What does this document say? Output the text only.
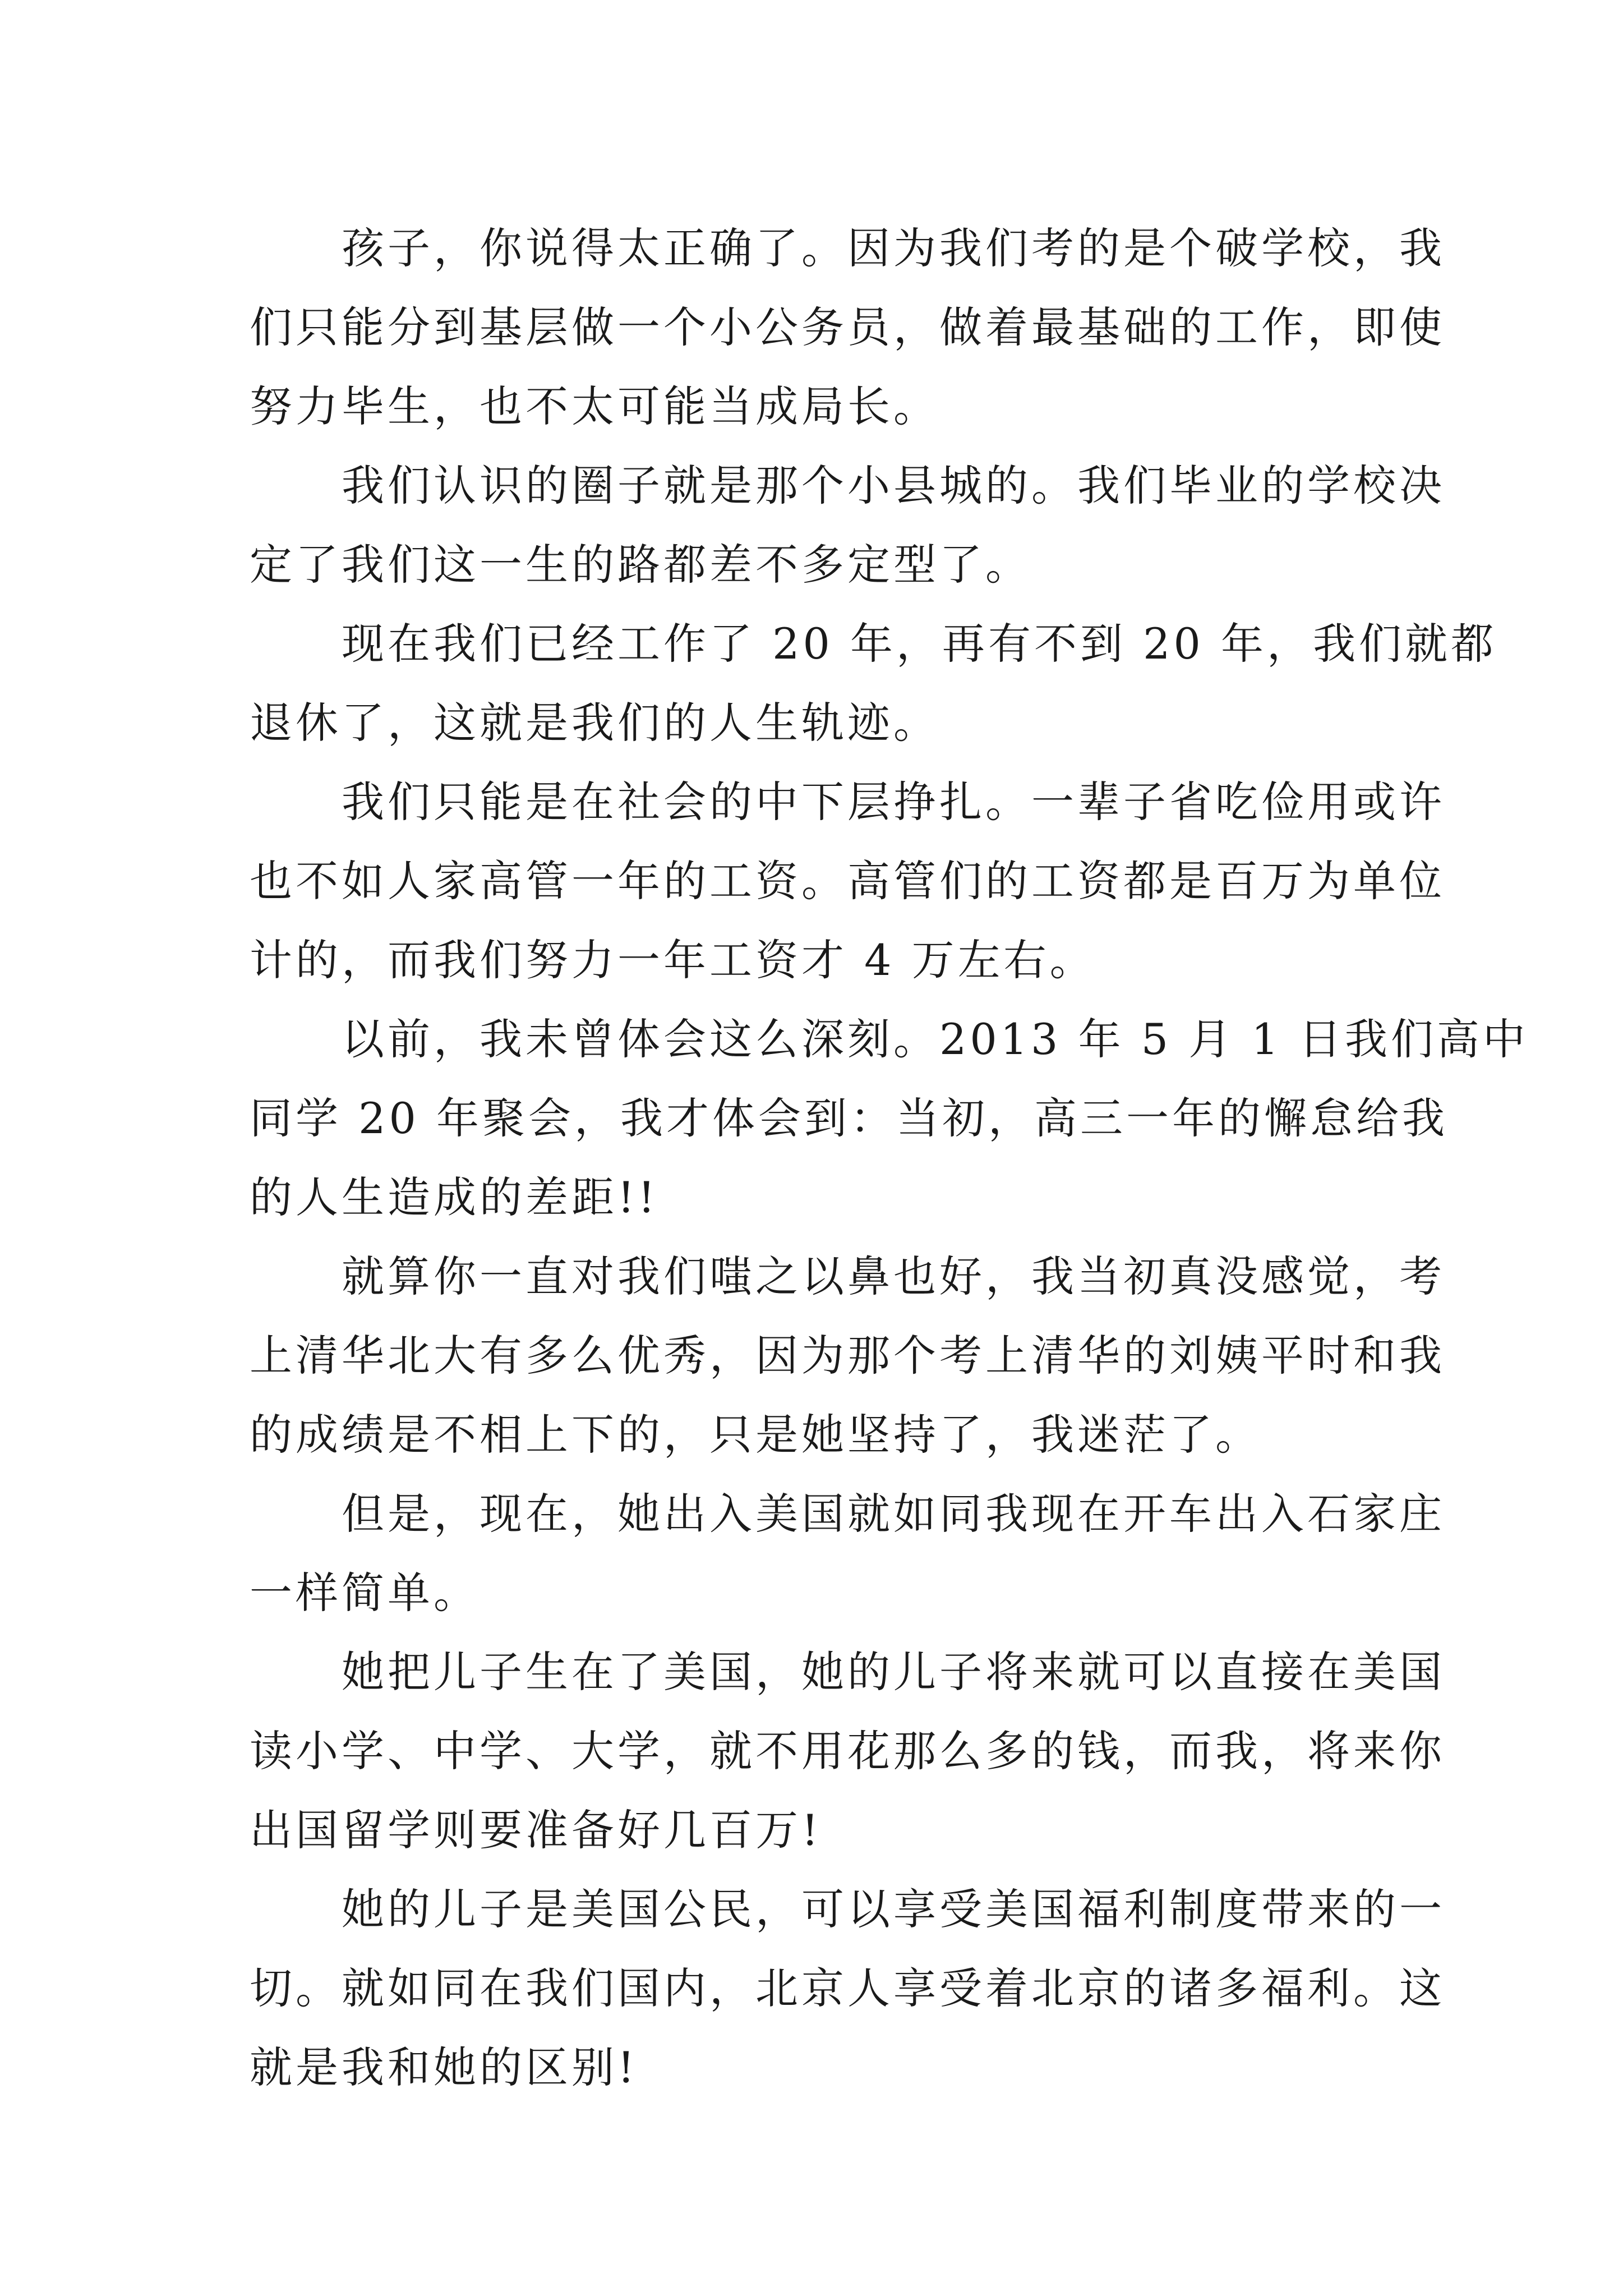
孩子，你说得太正确了。因为我们考的是个破学校，我
们只能分到基层做一个小公务员，做着最基础的工作，即使
努力毕生，也不太可能当成局长。

我们认识的圈子就是那个小县城的。我们毕业的学校决
定了我们这一生的路都差不多定型了。

现在我们已经工作了 20 年，再有不到 20 年，我们就都
退休了，这就是我们的人生轨迹。

我们只能是在社会的中下层挣扎。一辈子省吃俭用或许
也不如人家高管一年的工资。高管们的工资都是百万为单位
计的，而我们努力一年工资才 4 万左右。

以前，我未曾体会这么深刻。2013 年 5 月 1 日我们高中
同学 20 年聚会，我才体会到：当初，高三一年的懈怠给我
的人生造成的差距!!

就算你一直对我们嗤之以鼻也好，我当初真没感觉，考
上清华北大有多么优秀，因为那个考上清华的刘姨平时和我
的成绩是不相上下的，只是她坚持了，我迷茫了。

但是，现在，她出入美国就如同我现在开车出入石家庄
一样简单。

她把儿子生在了美国，她的儿子将来就可以直接在美国
读小学、中学、大学，就不用花那么多的钱，而我，将来你
出国留学则要准备好几百万!

她的儿子是美国公民，可以享受美国福利制度带来的一
切。就如同在我们国内，北京人享受着北京的诸多福利。这
就是我和她的区别!
